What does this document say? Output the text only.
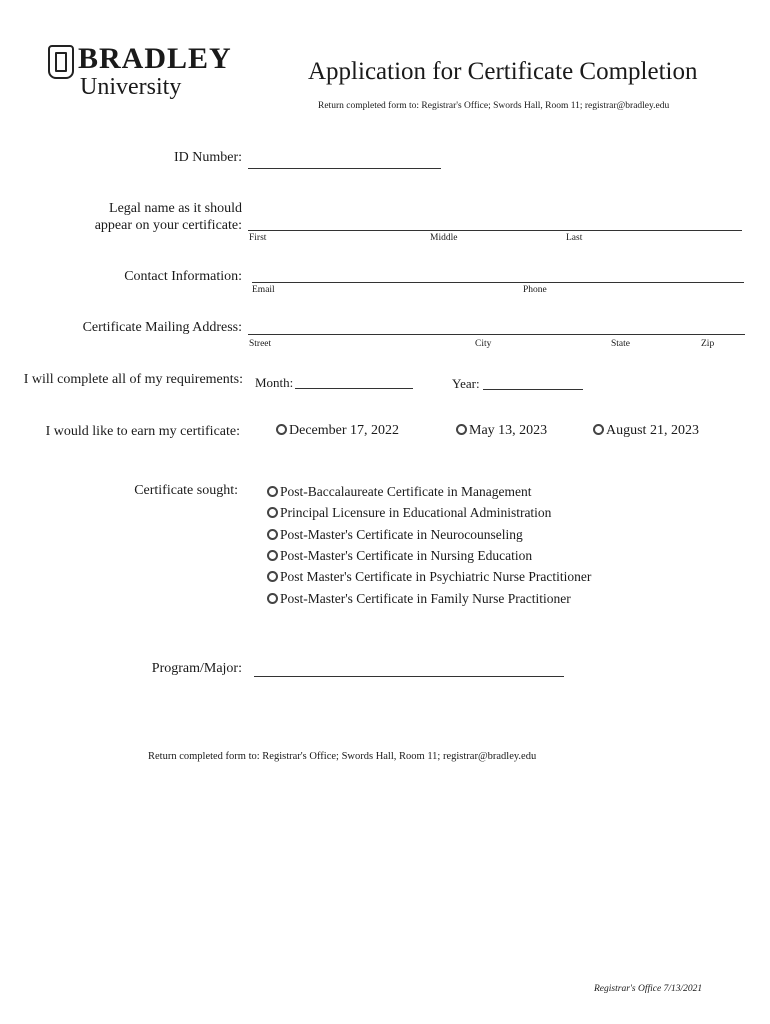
BRADLEY
University
Application for Certificate Completion
Return completed form to: Registrar's Office; Swords Hall, Room 11; registrar@bradley.edu
ID Number:
Legal name as it should
appear on your certificate:
First	Middle	Last
Contact Information:
Email	Phone
Certificate Mailing Address:
Street	City	State	Zip
I will complete all of my requirements: Month:	Year:
I would like to earn my certificate:	December 17, 2022	May 13, 2023	August 21, 2023
Certificate sought:	Post-Baccalaureate Certificate in Management
Principal Licensure in Educational Administration
Post-Master's Certificate in Neurocounseling
Post-Master's Certificate in Nursing Education
Post Master's Certificate in Psychiatric Nurse Practitioner
Post-Master's Certificate in Family Nurse Practitioner
Program/Major:
Return completed form to: Registrar's Office; Swords Hall, Room 11; registrar@bradley.edu
Registrar's Office 7/13/2021
